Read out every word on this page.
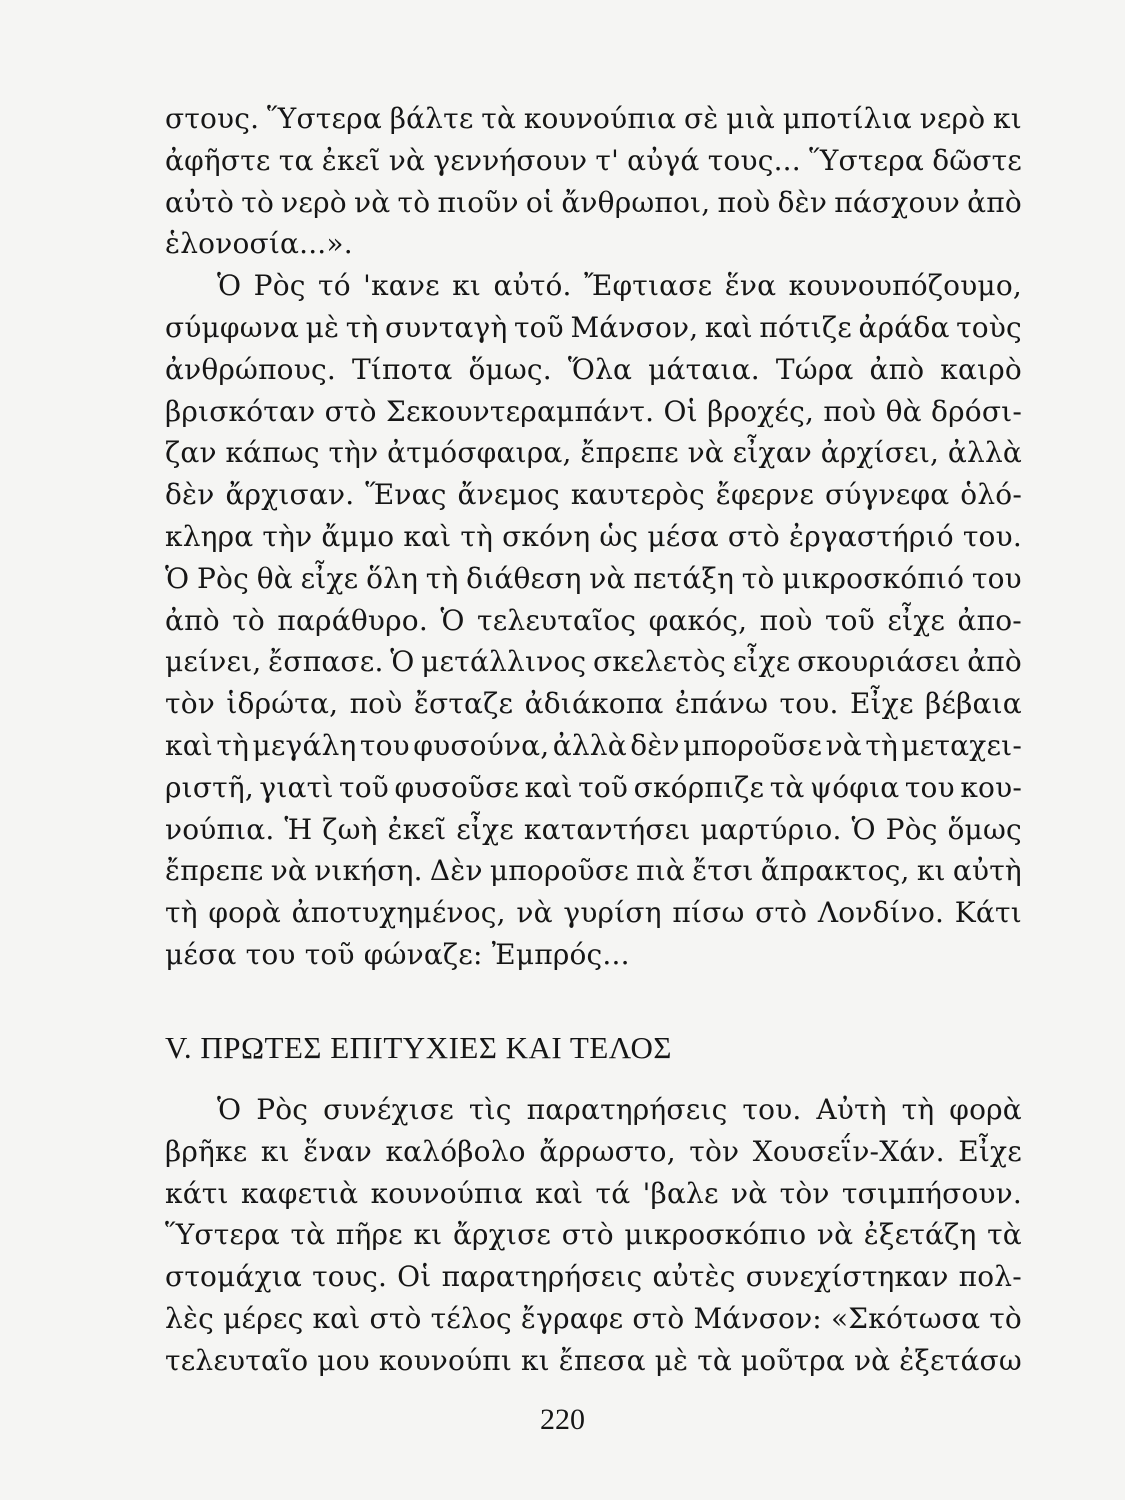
στους. Ὕστερα βάλτε τὰ κουνούπια σὲ μιὰ μποτίλια νερὸ κι
ἀφῆστε τα ἐκεῖ νὰ γεννήσουν τ' αὐγά τους... Ὕστερα δῶστε
αὐτὸ τὸ νερὸ νὰ τὸ πιοῦν οἱ ἄνθρωποι, ποὺ δὲν πάσχουν ἀπὸ
ἑλονοσία...».
Ὁ Ρὸς τό 'κανε κι αὐτό. Ἔφτιασε ἕνα κουνουπόζουμο,
σύμφωνα μὲ τὴ συνταγὴ τοῦ Μάνσον, καὶ πότιζε ἀράδα τοὺς
ἀνθρώπους. Τίποτα ὅμως. Ὅλα μάταια. Τώρα ἀπὸ καιρὸ
βρισκόταν στὸ Σεκουντεραμπάντ. Οἱ βροχές, ποὺ θὰ δρόσι-
ζαν κάπως τὴν ἀτμόσφαιρα, ἔπρεπε νὰ εἶχαν ἀρχίσει, ἀλλὰ
δὲν ἄρχισαν. Ἕνας ἄνεμος καυτερὸς ἔφερνε σύγνεφα ὁλό-
κληρα τὴν ἄμμο καὶ τὴ σκόνη ὡς μέσα στὸ ἐργαστήριό του.
Ὁ Ρὸς θὰ εἶχε ὅλη τὴ διάθεση νὰ πετάξη τὸ μικροσκόπιό του
ἀπὸ τὸ παράθυρο. Ὁ τελευταῖος φακός, ποὺ τοῦ εἶχε ἀπο-
μείνει, ἔσπασε. Ὁ μετάλλινος σκελετὸς εἶχε σκουριάσει ἀπὸ
τὸν ἱδρώτα, ποὺ ἔσταζε ἀδιάκοπα ἐπάνω του. Εἶχε βέβαια
καὶ τὴ μεγάλη του φυσούνα, ἀλλὰ δὲν μποροῦσε νὰ τὴ μεταχει-
ριστῆ, γιατὶ τοῦ φυσοῦσε καὶ τοῦ σκόρπιζε τὰ ψόφια του κου-
νούπια. Ἡ ζωὴ ἐκεῖ εἶχε καταντήσει μαρτύριο. Ὁ Ρὸς ὅμως
ἔπρεπε νὰ νικήση. Δὲν μποροῦσε πιὰ ἔτσι ἄπρακτος, κι αὐτὴ
τὴ φορὰ ἀποτυχημένος, νὰ γυρίση πίσω στὸ Λονδίνο. Κάτι
μέσα του τοῦ φώναζε: Ἐμπρός...
V. ΠΡΩΤΕΣ ΕΠΙΤΥΧΙΕΣ ΚΑΙ ΤΕΛΟΣ
Ὁ Ρὸς συνέχισε τὶς παρατηρήσεις του. Αὐτὴ τὴ φορὰ
βρῆκε κι ἕναν καλόβολο ἄρρωστο, τὸν Χουσεΐν-Χάν. Εἶχε
κάτι καφετιὰ κουνούπια καὶ τά 'βαλε νὰ τὸν τσιμπήσουν.
Ὕστερα τὰ πῆρε κι ἄρχισε στὸ μικροσκόπιο νὰ ἐξετάζη τὰ
στομάχια τους. Οἱ παρατηρήσεις αὐτὲς συνεχίστηκαν πολ-
λὲς μέρες καὶ στὸ τέλος ἔγραφε στὸ Μάνσον: «Σκότωσα τὸ
τελευταῖο μου κουνούπι κι ἔπεσα μὲ τὰ μοῦτρα νὰ ἐξετάσω
220
